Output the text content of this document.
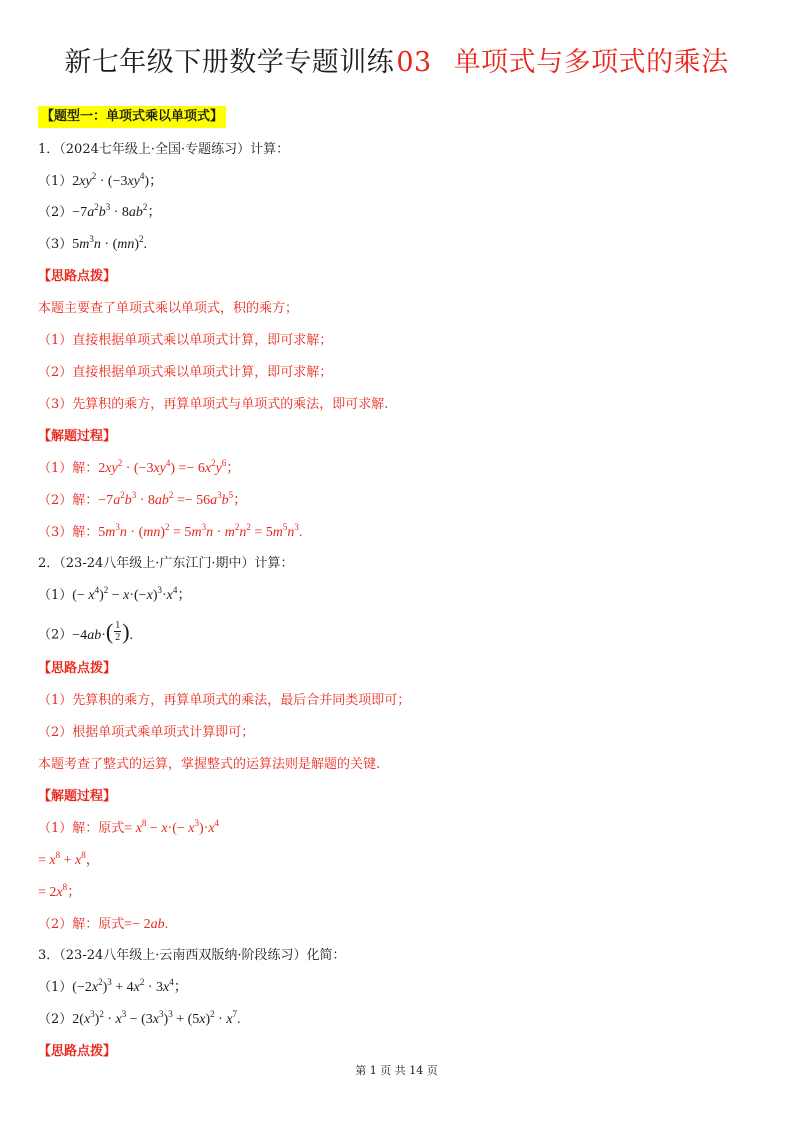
新七年级下册数学专题训练03 单项式与多项式的乘法
【题型一：单项式乘以单项式】
1．（2024七年级上·全国·专题练习）计算：
$(1)2xy^2 \cdot (-3xy^4)$；
$(2)-7a^2b^3 \cdot 8ab^2$；
$(3)5m^3n \cdot (mn)^2$.
【思路点拨】
本题主要查了单项式乘以单项式，积的乘方；
（1）直接根据单项式乘以单项式计算，即可求解；
（2）直接根据单项式乘以单项式计算，即可求解；
（3）先算积的乘方，再算单项式与单项式的乘法，即可求解.
【解题过程】
（1）解：$2xy^2 \cdot (-3xy^4) =- 6x^2y^6$；
（2）解：$-7a^2b^3 \cdot 8ab^2 =- 56a^3b^5$；
（3）解：$5m^3n \cdot (mn)^2 = 5m^3n \cdot m^2n^2 = 5m^5n^3$.
2．（23-24八年级上·广东江门·期中）计算：
$(1)(- x^4)^2 - x\cdot(-x)^3\cdot x^4$；
（2）−4ab· ( 1
2 ) .
【思路点拨】
（1）先算积的乘方，再算单项式的乘法，最后合并同类项即可；
（2）根据单项式乘单项式计算即可；
本题考查了整式的运算，掌握整式的运算法则是解题的关键.
【解题过程】
（1）解：原式= $x^8 - x\cdot(- x^3)\cdot x^4$
= $x^8 + x^8$，
= $2x^8$；
（2）解：原式=− 2ab.
3．（23-24八年级上·云南西双版纳·阶段练习）化简：
$(1)(-2x^2)^3 + 4x^2 \cdot 3x^4$；
$(2)2(x^3)^2 \cdot x^3 - (3x^3)^3 + (5x)^2 \cdot x^7$.
【思路点拨】
第 1 页 共 14 页
